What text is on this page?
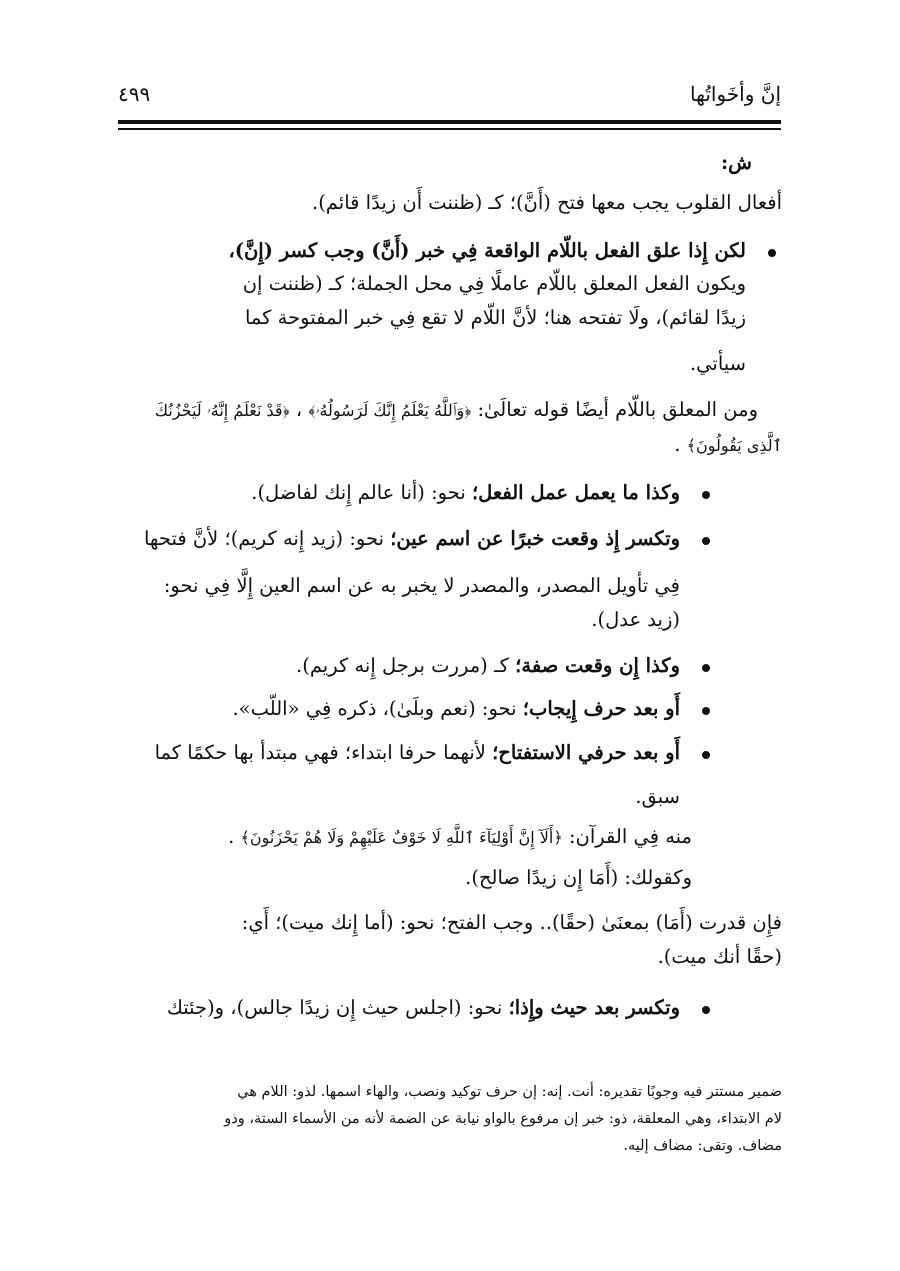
إنَّ وأخَواتُها
٤٩٩
ش:
أفعال القلوب يجب معها فتح (أَنَّ)؛ كـ (ظننت أَن زيدًا قائم).
لكن إِذا علق الفعل باللّام الواقعة فِي خبر (أَنَّ) وجب كسر (إِنَّ)،
ويكون الفعل المعلق باللّام عاملًا فِي محل الجملة؛ كـ (ظننت إن
زيدًا لقائم)، ولَا تفتحه هنا؛ لأنَّ اللّام لا تقع فِي خبر المفتوحة كما
سيأتي.
ومن المعلق باللّام أيضًا قوله تعالَىٰ: ﴿وَٱللَّهُ يَعْلَمُ إِنَّكَ لَرَسُولُهُۥ﴾ ، ﴿قَدْ نَعْلَمُ إِنَّهُۥ لَيَحْزُنُكَ
ٱلَّذِى يَقُولُونَ﴾ .
وكذا ما يعمل عمل الفعل؛ نحو: (أنا عالم إِنك لفاضل).
وتكسر إِذ وقعت خبرًا عن اسم عين؛ نحو: (زيد إِنه كريم)؛ لأنَّ فتحها
فِي تأويل المصدر، والمصدر لا يخبر به عن اسم العين إِلَّا فِي نحو:
(زيد عدل).
وكذا إِن وقعت صفة؛ كـ (مررت برجل إِنه كريم).
أَو بعد حرف إِيجاب؛ نحو: (نعم وبلَىٰ)، ذكره فِي «اللّب».
أَو بعد حرفي الاستفتاح؛ لأنهما حرفا ابتداء؛ فهي مبتدأ بها حكمًا كما
سبق.
منه فِي القرآن: ﴿أَلَآ إِنَّ أَوْلِيَآءَ ٱللَّهِ لَا خَوْفٌ عَلَيْهِمْ وَلَا هُمْ يَحْزَنُونَ﴾ .
وكقولك: (أَمَا إِن زيدًا صالح).
فإِن قدرت (أَمَا) بمعنَىٰ (حقًا).. وجب الفتح؛ نحو: (أما إِنك ميت)؛ أَي:
(حقًا أنك ميت).
وتكسر بعد حيث وإِذا؛ نحو: (اجلس حيث إِن زيدًا جالس)، و(جئتك
ضمير مستتر فيه وجوبًا تقديره: أنت. إنه: إن حرف توكيد ونصب، والهاء اسمها. لذو: اللام هي
لام الابتداء، وهي المعلقة، ذو: خبر إن مرفوع بالواو نيابة عن الضمة لأنه من الأسماء الستة، وذو
مضاف. وتقى: مضاف إليه.
